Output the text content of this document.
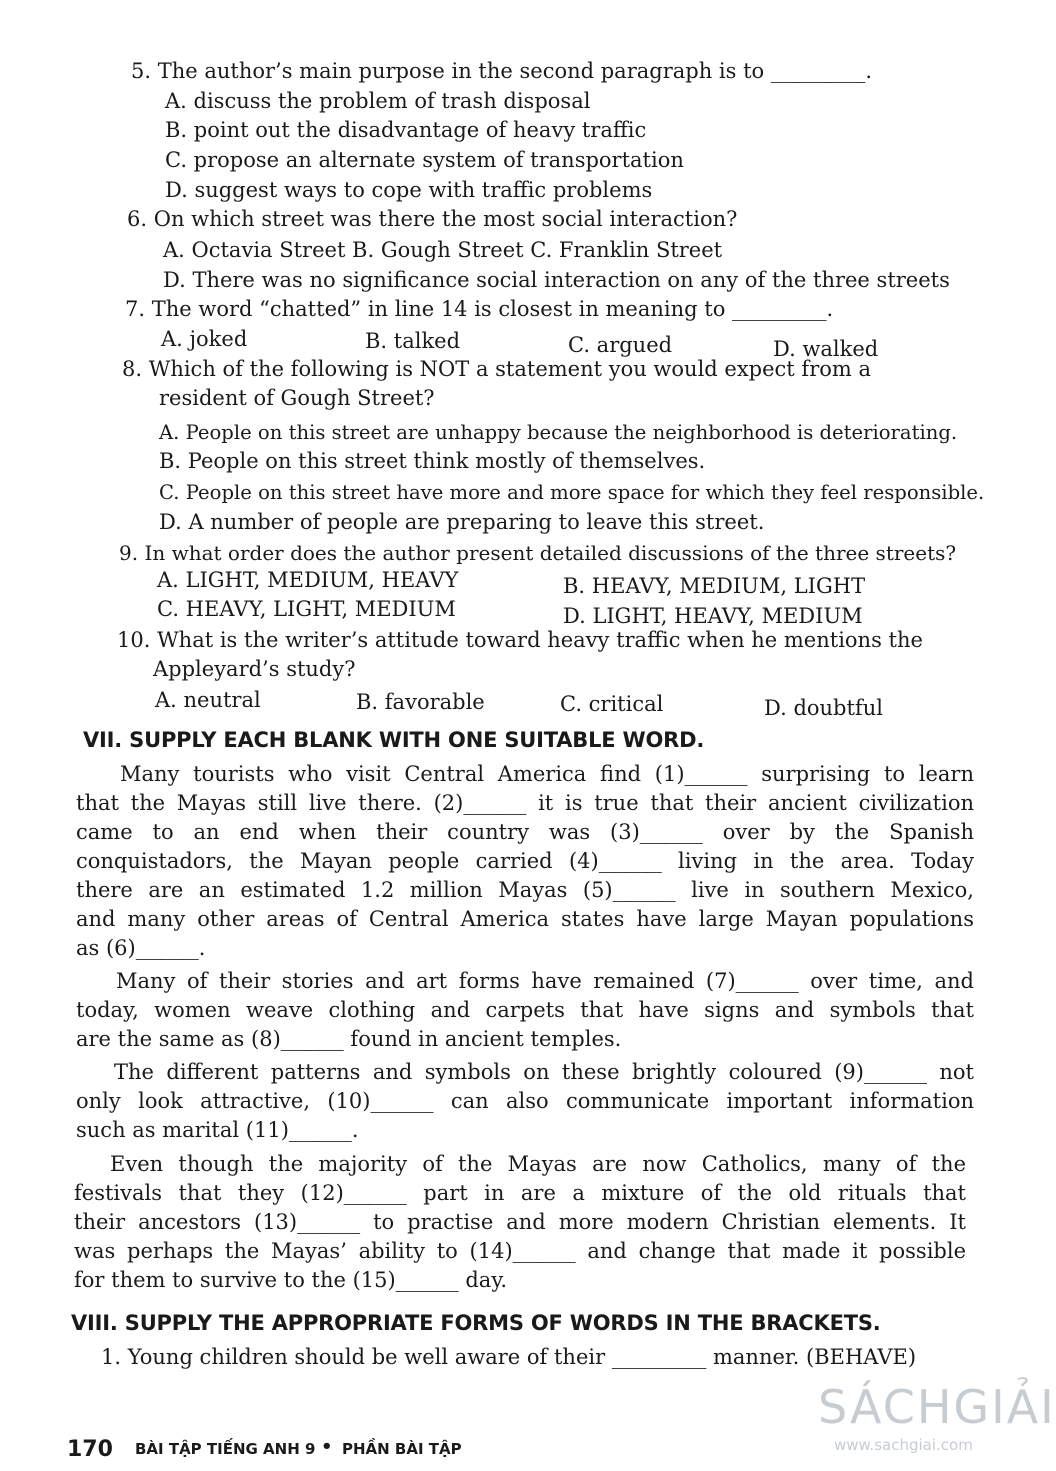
5. The author’s main purpose in the second paragraph is to _________.
A. discuss the problem of trash disposal
B. point out the disadvantage of heavy traffic
C. propose an alternate system of transportation
D. suggest ways to cope with traffic problems
6. On which street was there the most social interaction?
A. Octavia Street B. Gough Street C. Franklin Street
D. There was no significance social interaction on any of the three streets
7. The word “chatted” in line 14 is closest in meaning to _________.
A. joked	B. talked	C. argued	D. walked
8. Which of the following is NOT a statement you would expect from a
resident of Gough Street?
A. People on this street are unhappy because the neighborhood is deteriorating.
B. People on this street think mostly of themselves.
C. People on this street have more and more space for which they feel responsible.
D. A number of people are preparing to leave this street.
9. In what order does the author present detailed discussions of the three streets?
A. LIGHT, MEDIUM, HEAVY	B. HEAVY, MEDIUM, LIGHT
C. HEAVY, LIGHT, MEDIUM	D. LIGHT, HEAVY, MEDIUM
10. What is the writer’s attitude toward heavy traffic when he mentions the
Appleyard’s study?
A. neutral	B. favorable	C. critical	D. doubtful
VII. SUPPLY EACH BLANK WITH ONE SUITABLE WORD.
Many tourists who visit Central America find (1)______ surprising to learn
that the Mayas still live there. (2)______ it is true that their ancient civilization
came to an end when their country was (3)______ over by the Spanish
conquistadors, the Mayan people carried (4)______ living in the area. Today
there are an estimated 1.2 million Mayas (5)______ live in southern Mexico,
and many other areas of Central America states have large Mayan populations
as (6)______.
Many of their stories and art forms have remained (7)______ over time, and
today, women weave clothing and carpets that have signs and symbols that
are the same as (8)______ found in ancient temples.
The different patterns and symbols on these brightly coloured (9)______ not
only look attractive, (10)______ can also communicate important information
such as marital (11)______.
Even though the majority of the Mayas are now Catholics, many of the
festivals that they (12)______ part in are a mixture of the old rituals that
their ancestors (13)______ to practise and more modern Christian elements. It
was perhaps the Mayas’ ability to (14)______ and change that made it possible
for them to survive to the (15)______ day.
VIII. SUPPLY THE APPROPRIATE FORMS OF WORDS IN THE BRACKETS.
1. Young children should be well aware of their _________ manner. (BEHAVE)
170 BÀI TẬP TIẾNG ANH 9 • PHẦN BÀI TẬP
SÁCHGIẢI
www.sachgiai.com
